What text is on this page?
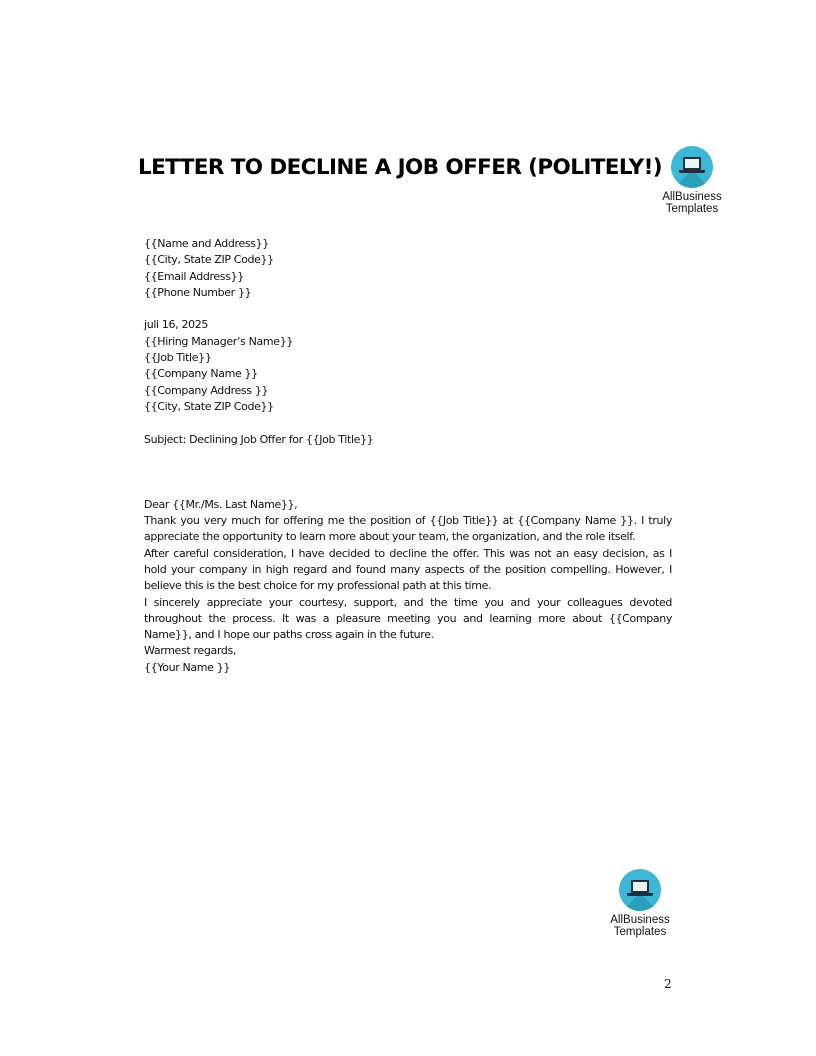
LETTER TO DECLINE A JOB OFFER (POLITELY!)
AllBusiness
Templates

{{Name and Address}}

{{City, State ZIP Code}}

{{Email Address}}

{{Phone Number }}

juli 16, 2025

{{Hiring Manager’s Name}}

{{Job Title}}

{{Company Name }}

{{Company Address }}

{{City, State ZIP Code}}

Subject: Declining Job Offer for {{Job Title}}

Dear {{Mr./Ms. Last Name}},

Thank you very much for offering me the position of {{Job Title}} at {{Company Name }}. I truly appreciate the opportunity to learn more about your team, the organization, and the role itself.

After careful consideration, I have decided to decline the offer. This was not an easy decision, as I hold your company in high regard and found many aspects of the position compelling. However, I believe this is the best choice for my professional path at this time.

I sincerely appreciate your courtesy, support, and the time you and your colleagues devoted throughout the process. It was a pleasure meeting you and learning more about {{Company Name}}, and I hope our paths cross again in the future.

Warmest regards,

{{Your Name }}

AllBusiness
Templates
2
